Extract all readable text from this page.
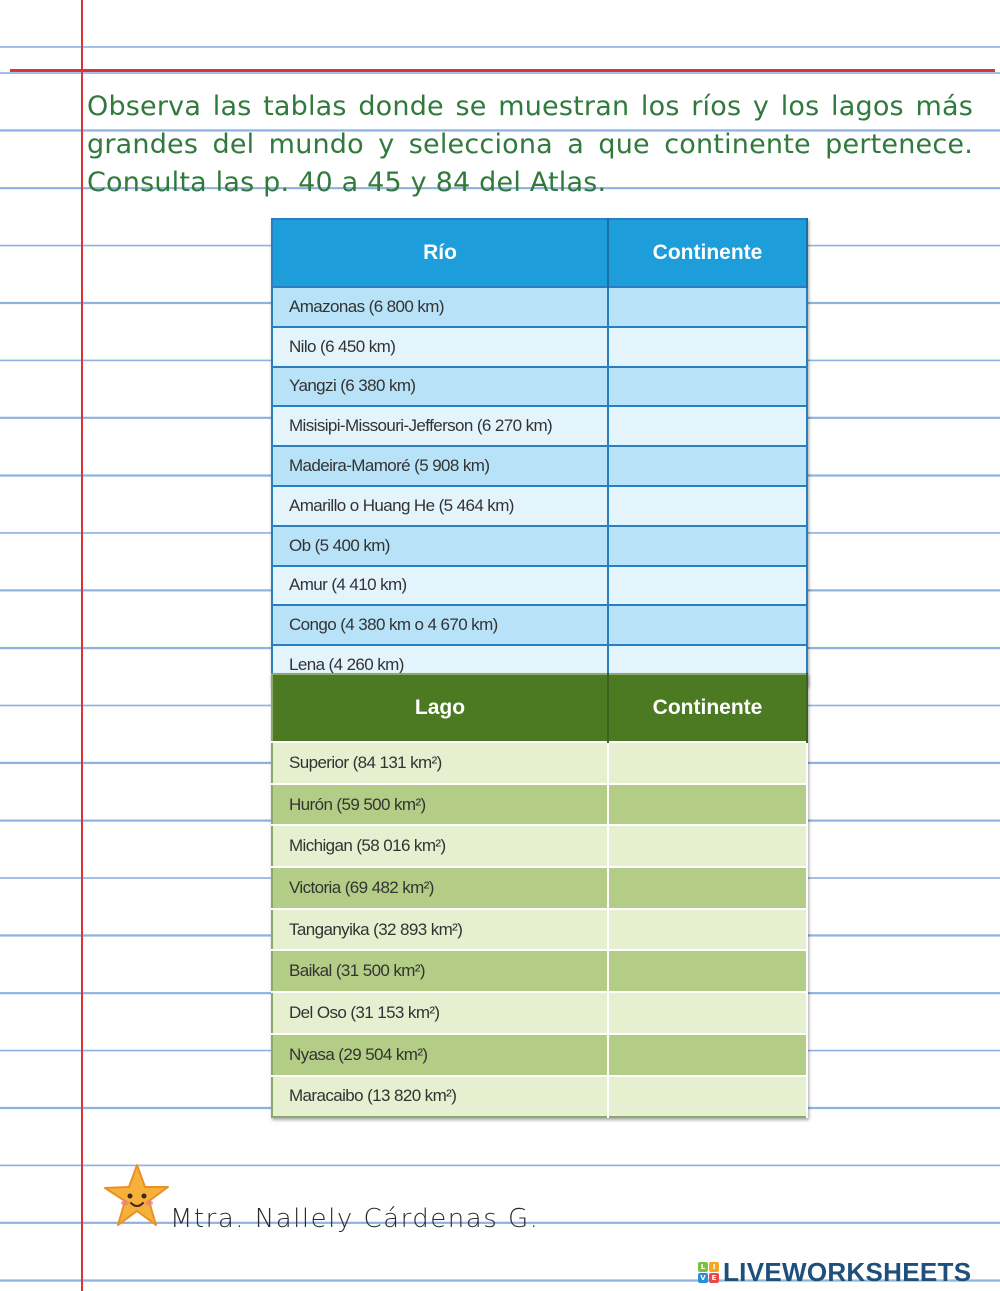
Observa las tablas donde se muestran los ríos y los lagos más grandes del mundo y selecciona a que continente pertenece. Consulta las p. 40 a 45 y 84 del Atlas.
Río	Continente
Amazonas (6 800 km)	
Nilo (6 450 km)	
Yangzi (6 380 km)	
Misisipi-Missouri-Jefferson (6 270 km)	
Madeira-Mamoré (5 908 km)	
Amarillo o Huang He (5 464 km)	
Ob (5 400 km)	
Amur (4 410 km)	
Congo (4 380 km o 4 670 km)	
Lena (4 260 km)	
Lago	Continente
Superior (84 131 km²)	
Hurón (59 500 km²)	
Michigan (58 016 km²)	
Victoria (69 482 km²)	
Tanganyika (32 893 km²)	
Baikal (31 500 km²)	
Del Oso (31 153 km²)	
Nyasa (29 504 km²)	
Maracaibo (13 820 km²)	
Mtra. Nallely Cárdenas G.
L	I
V E LIVEWORKSHEETS
